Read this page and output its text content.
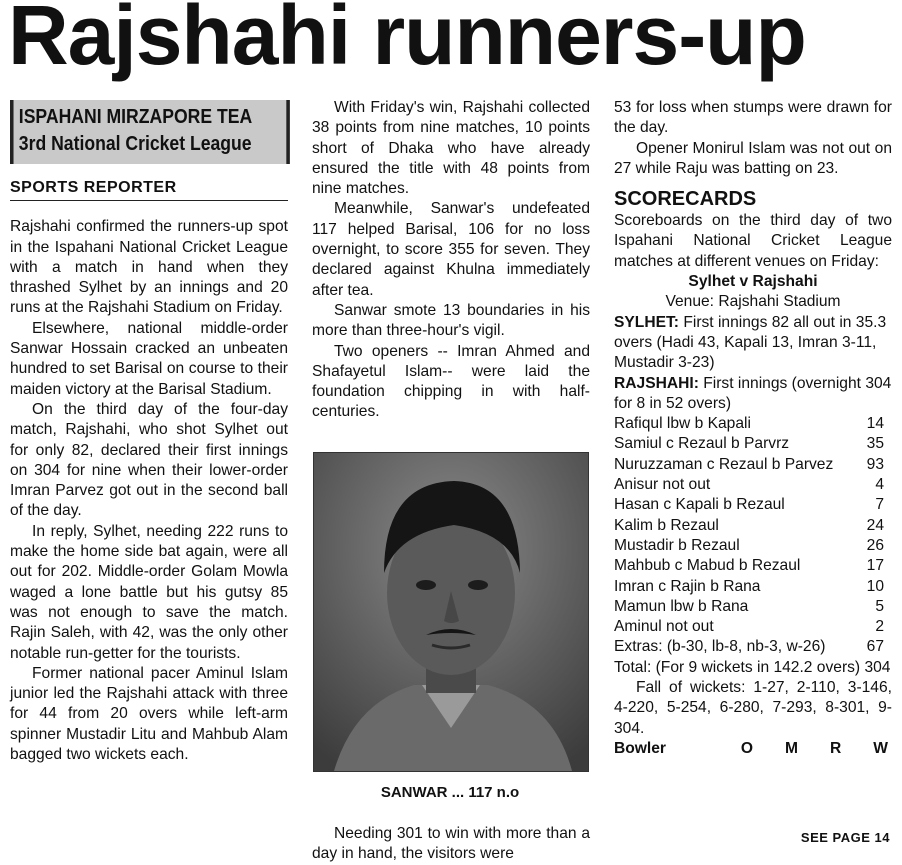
Rajshahi runners-up
ISPAHANI MIRZAPORE TEA
3rd National Cricket League
SPORTS REPORTER

Rajshahi confirmed the runners-up spot in the Ispahani National Cricket League with a match in hand when they thrashed Sylhet by an innings and 20 runs at the Rajshahi Stadium on Friday.

Elsewhere, national middle-order Sanwar Hossain cracked an unbeaten hundred to set Barisal on course to their maiden victory at the Barisal Stadium.

On the third day of the four-day match, Rajshahi, who shot Sylhet out for only 82, declared their first innings on 304 for nine when their lower-order Imran Parvez got out in the second ball of the day.

In reply, Sylhet, needing 222 runs to make the home side bat again, were all out for 202. Middle-order Golam Mowla waged a lone battle but his gutsy 85 was not enough to save the match. Rajin Saleh, with 42, was the only other notable run-getter for the tourists.

Former national pacer Aminul Islam junior led the Rajshahi attack with three for 44 from 20 overs while left-arm spinner Mustadir Litu and Mahbub Alam bagged two wickets each.

With Friday's win, Rajshahi collected 38 points from nine matches, 10 points short of Dhaka who have already ensured the title with 48 points from nine matches.

Meanwhile, Sanwar's undefeated 117 helped Barisal, 106 for no loss overnight, to score 355 for seven. They declared against Khulna immediately after tea.

Sanwar smote 13 boundaries in his more than three-hour's vigil.

Two openers -- Imran Ahmed and Shafayetul Islam-- were laid the foundation chipping in with half-centuries.

SANWAR ... 117 n.o

Needing 301 to win with more than a day in hand, the visitors were

53 for loss when stumps were drawn for the day.

Opener Monirul Islam was not out on 27 while Raju was batting on 23.

SCORECARDS

Scoreboards on the third day of two Ispahani National Cricket League matches at different venues on Friday:

Sylhet v Rajshahi
Venue: Rajshahi Stadium
SYLHET: First innings 82 all out in 35.3 overs (Hadi 43, Kapali 13, Imran 3-11, Mustadir 3-23)
RAJSHAHI: First innings (overnight 304 for 8 in 52 overs)
Rafiqul lbw b Kapali	14
Samiul c Rezaul b Parvrz	35
Nuruzzaman c Rezaul b Parvez	93
Anisur not out	4
Hasan c Kapali b Rezaul	7
Kalim b Rezaul	24
Mustadir b Rezaul	26
Mahbub c Mabud b Rezaul	17
Imran c Rajin b Rana	10
Mamun lbw b Rana	5
Aminul not out	2
Extras: (b-30, lb-8, nb-3, w-26)	67
Total: (For 9 wickets in 142.2 overs) 304

Fall of wickets: 1-27, 2-110, 3-146, 4-220, 5-254, 6-280, 7-293, 8-301, 9-304.

Bowler	O M R W
SEE PAGE 14
